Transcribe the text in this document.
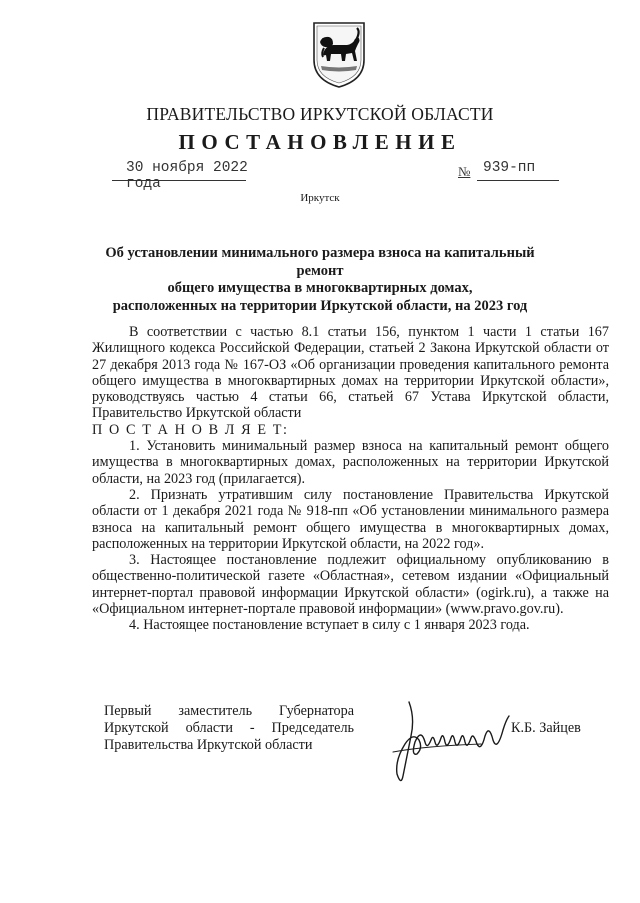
ПРАВИТЕЛЬСТВО ИРКУТСКОЙ ОБЛАСТИ
ПОСТАНОВЛЕНИЕ
30 ноября 2022 года
№ 939-пп
Иркутск
Об установлении минимального размера взноса на капитальный ремонт
общего имущества в многоквартирных домах,
расположенных на территории Иркутской области, на 2023 год

В соответствии с частью 8.1 статьи 156, пунктом 1 части 1 статьи 167 Жилищного кодекса Российской Федерации, статьей 2 Закона Иркутской области от 27 декабря 2013 года № 167-ОЗ «Об организации проведения капитального ремонта общего имущества в многоквартирных домах на территории Иркутской области», руководствуясь частью 4 статьи 66, статьей 67 Устава Иркутской области, Правительство Иркутской области

П О С Т А Н О В Л Я Е Т:

1. Установить минимальный размер взноса на капитальный ремонт общего имущества в многоквартирных домах, расположенных на территории Иркутской области, на 2023 год (прилагается).

2. Признать утратившим силу постановление Правительства Иркутской области от 1 декабря 2021 года № 918-пп «Об установлении минимального размера взноса на капитальный ремонт общего имущества в многоквартирных домах, расположенных на территории Иркутской области, на 2022 год».

3. Настоящее постановление подлежит официальному опубликованию в общественно-политической газете «Областная», сетевом издании «Официальный интернет-портал правовой информации Иркутской области» (ogirk.ru), а также на «Официальном интернет-портале правовой информации» (www.pravo.gov.ru).

4. Настоящее постановление вступает в силу с 1 января 2023 года.

Первый заместитель Губернатора
Иркутской области - Председатель
Правительства Иркутской области
К.Б. Зайцев
